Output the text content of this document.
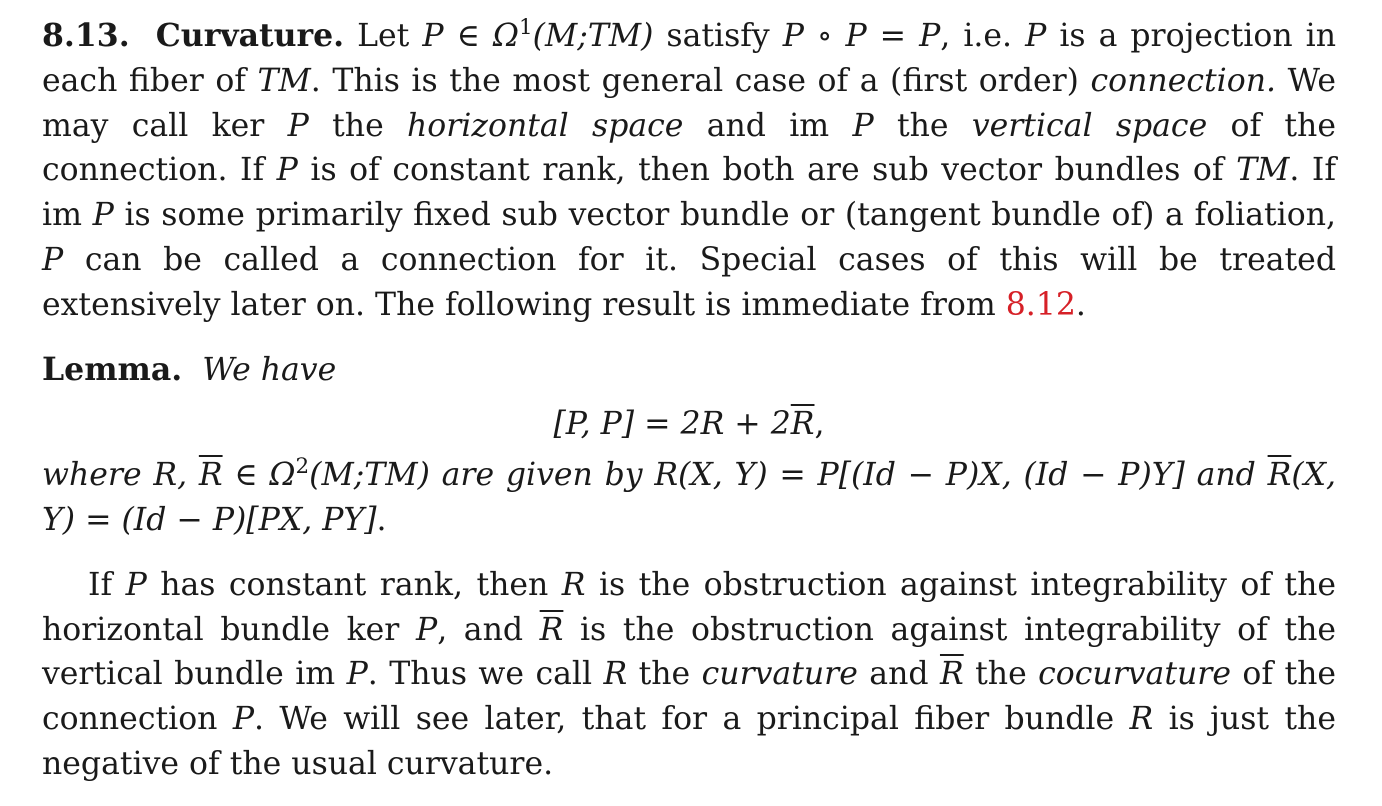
8.13. Curvature. Let P ∈ $\Omega^1(M;TM)$ satisfy P ∘ P = P, i.e. P is a projection in each fiber of TM. This is the most general case of a (first order) connection. We may call ker P the horizontal space and im P the vertical space of the connection. If P is of constant rank, then both are sub vector bundles of TM. If im P is some primarily fixed sub vector bundle or (tangent bundle of) a foliation, P can be called a connection for it. Special cases of this will be treated extensively later on. The following result is immediate from 8.12.

Lemma. We have

[P, $P] = 2R + 2\overline{R}$,

where R, $\overline{R}$ ∈ $\Omega^2(M;TM)$ are given by R(X, Y) = P[(Id − P)X, (Id − P)Y] and $\overline{R}(X$, Y) = (Id − P)[PX, PY].

If P has constant rank, then R is the obstruction against integrability of the horizontal bundle ker P, and $\overline{R}$ is the obstruction against integrability of the vertical bundle im P. Thus we call R the curvature and $\overline{R}$ the cocurvature of the connection P. We will see later, that for a principal fiber bundle R is just the negative of the usual curvature.
